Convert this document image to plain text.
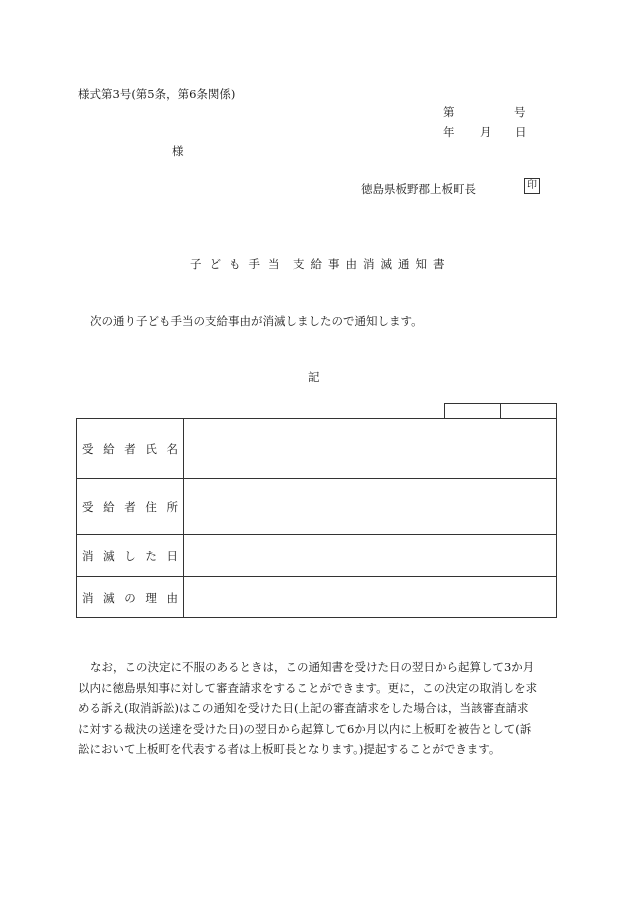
様式第3号(第5条，第6条関係)
第	号
年 月 日
様
徳島県板野郡上板町長	印
子ども手当 支給事由消滅通知書
次の通り子ども手当の支給事由が消滅しましたので通知します。
記
受 給 者 氏 名
受 給 者 住 所
消 滅 し た 日
消 滅 の 理 由
なお，この決定に不服のあるときは，この通知書を受けた日の翌日から起算して3か月
以内に徳島県知事に対して審査請求をすることができます。更に，この決定の取消しを求
める訴え(取消訴訟)はこの通知を受けた日(上記の審査請求をした場合は，当該審査請求
に対する裁決の送達を受けた日)の翌日から起算して6か月以内に上板町を被告として(訴
訟において上板町を代表する者は上板町長となります。)提起することができます。
